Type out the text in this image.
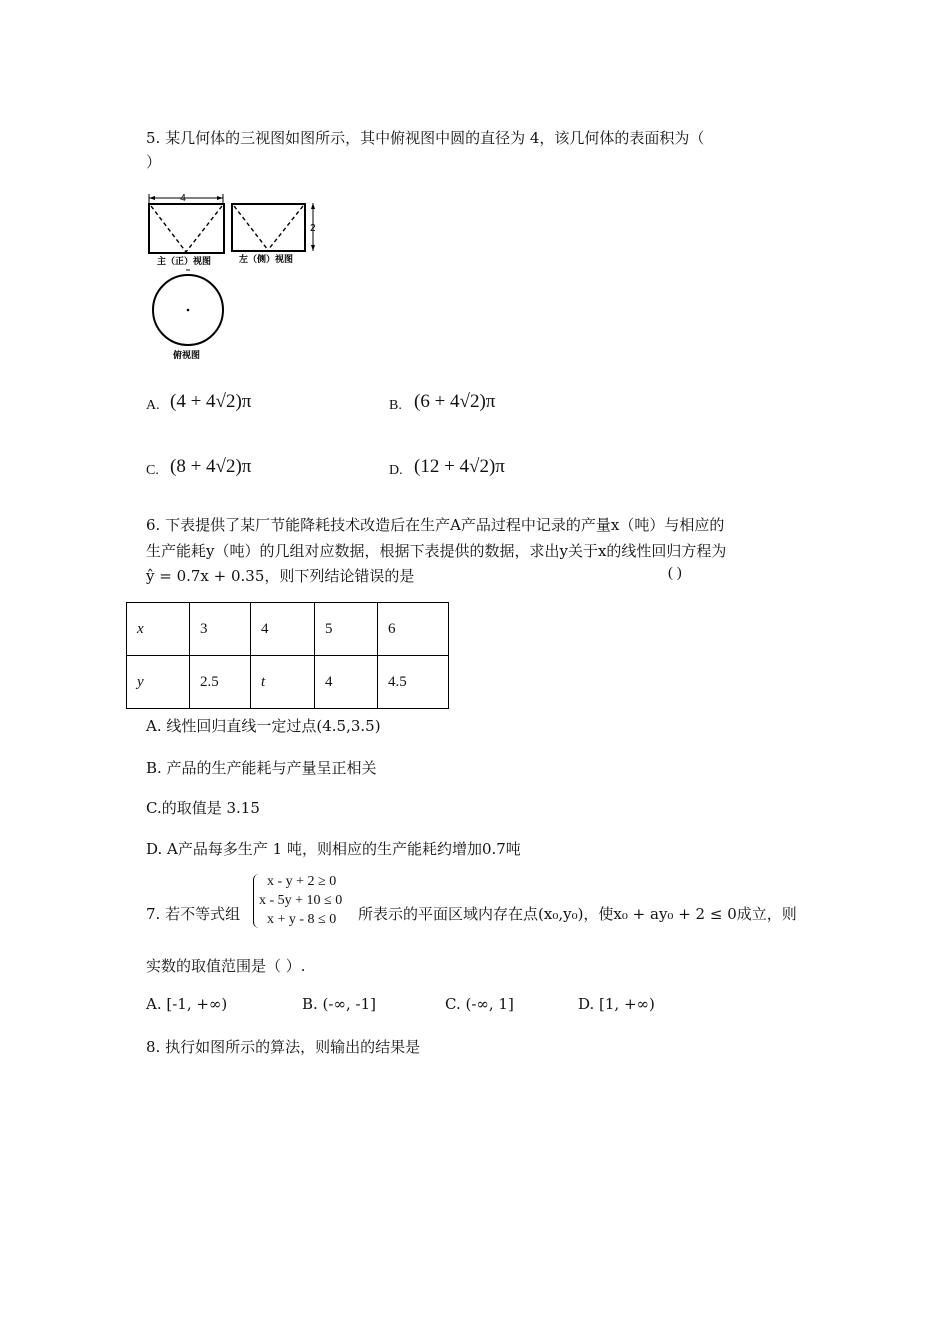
5. 某几何体的三视图如图所示，其中俯视图中圆的直径为 4，该几何体的表面积为（
）
4
2
主（正）视图	左（侧）视图
俯视图
A. (4 + 4√2)π	B. (6 + 4√2)π
C. (8 + 4√2)π	D. (12 + 4√2)π
6. 下表提供了某厂节能降耗技术改造后在生产A产品过程中记录的产量x（吨）与相应的
生产能耗y（吨）的几组对应数据，根据下表提供的数据，求出y关于x的线性回归方程为
ŷ = 0.7x + 0.35，则下列结论错误的是	( )
x	3	4	5	6
y	2.5	t	4	4.5
A. 线性回归直线一定过点(4.5,3.5)
B. 产品的生产能耗与产量呈正相关
C.的取值是 3.15
D. A产品每多生产 1 吨，则相应的生产能耗约增加0.7吨
7. 若不等式组
x - y + 2 ≥ 0
x - 5y + 10 ≤ 0
x + y - 8 ≤ 0 所表示的平面区域内存在点(x₀,y₀)，使x₀ + ay₀ + 2 ≤ 0成立，则
实数的取值范围是（ ）.
A. [-1, +∞)	B. (-∞, -1]	C. (-∞, 1]	D. [1, +∞)
8. 执行如图所示的算法，则输出的结果是
